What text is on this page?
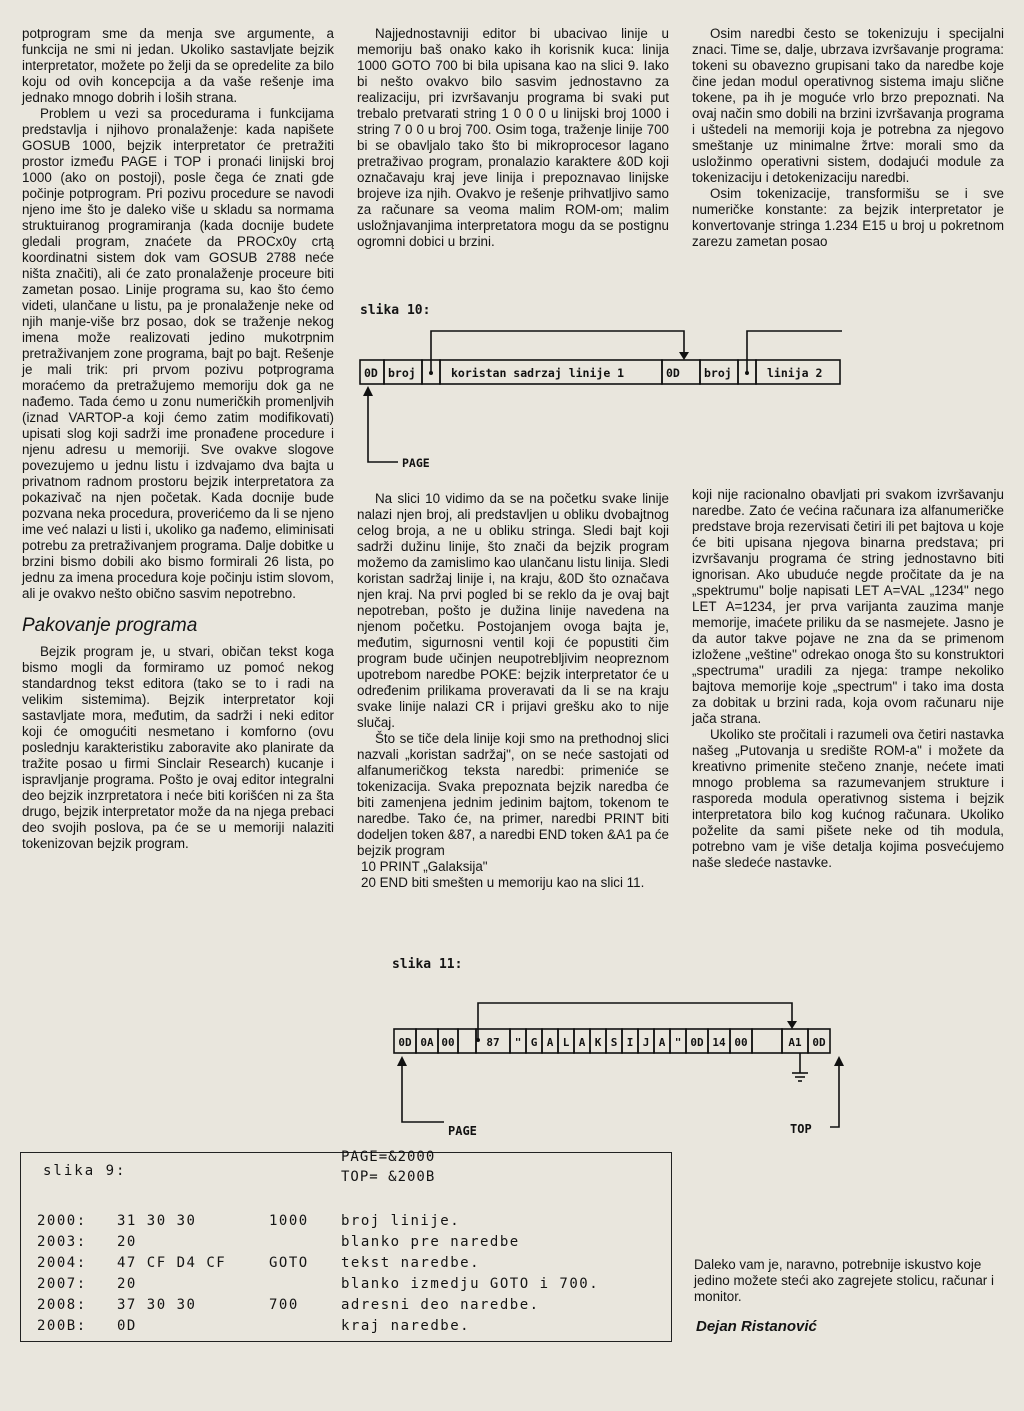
potprogram sme da menja sve argumente, a funkcija ne smi ni jedan. Ukoliko sastavljate bejzik interpretator, možete po želji da se opredelite za bilo koju od ovih koncepcija a da vaše rešenje ima jednako mnogo dobrih i loših strana.

Problem u vezi sa procedurama i funkcijama predstavlja i njihovo pronalaženje: kada napišete GOSUB 1000, bejzik interpretator će pretražiti prostor između PAGE i TOP i pronaći linijski broj 1000 (ako on postoji), posle čega će znati gde počinje potprogram. Pri pozivu procedure se navodi njeno ime što je daleko više u skladu sa normama struktuiranog programiranja (kada docnije budete gledali program, znaćete da PROCx0y crtą koordinatni sistem dok vam GOSUB 2788 neće ništa značiti), ali će zato pronalaženje proceure biti zametan posao. Linije programa su, kao što ćemo videti, ulančane u listu, pa je pronalaženje neke od njih manje-više brz posao, dok se traženje nekog imena može realizovati jedino mukotrpnim pretraživanjem zone programa, bajt po bajt. Rešenje je mali trik: pri prvom pozivu potprograma moraćemo da pretražujemo memoriju dok ga ne nađemo. Tada ćemo u zonu numeričkih promenljvih (iznad VARTOP-a koji ćemo zatim modifikovati) upisati slog koji sadrži ime pronađene procedure i njenu adresu u memoriji. Sve ovakve slogove povezujemo u jednu listu i izdvajamo dva bajta u privatnom radnom prostoru bejzik interpretatora za pokazivač na njen početak. Kada docnije bude pozvana neka procedura, proverićemo da li se njeno ime već nalazi u listi i, ukoliko ga nađemo, eliminisati potrebu za pretraživanjem programa. Dalje dobitke u brzini bismo dobili ako bismo formirali 26 lista, po jednu za imena procedura koje počinju istim slovom, ali je ovakvo nešto obično sasvim nepotrebno.

Pakovanje programa

Bejzik program je, u stvari, običan tekst koga bismo mogli da formiramo uz pomoć nekog standardnog tekst editora (tako se to i radi na velikim sistemima). Bejzik interpretator koji sastavljate mora, međutim, da sadrži i neki editor koji će omogućiti nesmetano i komforno (ovu poslednju karakteristiku zaboravite ako planirate da tražite posao u firmi Sinclair Research) kucanje i ispravljanje programa. Pošto je ovaj editor integralni deo bejzik inzrpretatora i neće biti korišćen ni za šta drugo, bejzik interpretator može da na njega prebaci deo svojih poslova, pa će se u memoriji nalaziti tokenizovan bejzik program.

Najjednostavniji editor bi ubacivao linije u memoriju baš onako kako ih korisnik kuca: linija 1000 GOTO 700 bi bila upisana kao na slici 9. Iako bi nešto ovakvo bilo sasvim jednostavno za realizaciju, pri izvršavanju programa bi svaki put trebalo pretvarati string 1 0 0 0 u linijski broj 1000 i string 7 0 0 u broj 700. Osim toga, traženje linije 700 bi se obavljalo tako što bi mikroprocesor lagano pretraživao program, pronalazio karaktere &0D koji označavaju kraj jeve linija i prepoznavao linijske brojeve iza njih. Ovakvo je rešenje prihvatljivo samo za računare sa veoma malim ROM-om; malim usložnjavanjima interpretatora mogu da se postignu ogromni dobici u brzini.

Osim naredbi često se tokenizuju i specijalni znaci. Time se, dalje, ubrzava izvršavanje programa: tokeni su obavezno grupisani tako da naredbe koje čine jedan modul operativnog sistema imaju slične tokene, pa ih je moguće vrlo brzo prepoznati. Na ovaj način smo dobili na brzini izvršavanja programa i uštedeli na memoriji koja je potrebna za njegovo smeštanje uz minimalne žrtve: morali smo da usložinmo operativni sistem, dodajući module za tokenizaciju i detokenizaciju naredbi.

Osim tokenizacije, transformišu se i sve numeričke konstante: za bejzik interpretator je konvertovanje stringa 1.234 E15 u broj u pokretnom zarezu zametan posao

slika 10:
0D broj	koristan sadrzaj linije 1	0D broj	linija 2
PAGE

Na slici 10 vidimo da se na početku svake linije nalazi njen broj, ali predstavljen u obliku dvobajtnog celog broja, a ne u obliku stringa. Sledi bajt koji sadrži dužinu linije, što znači da bejzik program možemo da zamislimo kao ulančanu listu linija. Sledi koristan sadržaj linije i, na kraju, &0D što označava njen kraj. Na prvi pogled bi se reklo da je ovaj bajt nepotreban, pošto je dužina linije navedena na njenom početku. Postojanjem ovoga bajta je, međutim, sigurnosni ventil koji će popustiti čim program bude učinjen neupotrebljivim neopreznom upotrebom naredbe POKE: bejzik interpretator će u određenim prilikama proveravati da li se na kraju svake linije nalazi CR i prijavi grešku ako to nije slučaj.

Što se tiče dela linije koji smo na prethodnoj slici nazvali „koristan sadržaj", on se neće sastojati od alfanumeričkog teksta naredbi: primeniće se tokenizacija. Svaka prepoznata bejzik naredba će biti zamenjena jednim jedinim bajtom, tokenom te naredbe. Tako će, na primer, naredbi PRINT biti dodeljen token &87, a naredbi END token &A1 pa će bejzik program

10 PRINT „Galaksija"

20 END biti smešten u memoriju kao na slici 11.

koji nije racionalno obavljati pri svakom izvršavanju naredbe. Zato će većina računara iza alfanumeričke predstave broja rezervisati četiri ili pet bajtova u koje će biti upisana njegova binarna predstava; pri izvršavanju programa će string jednostavno biti ignorisan. Ako ubuduće negde pročitate da je na „spektrumu" bolje napisati LET A=VAL „1234" nego LET A=1234, jer prva varijanta zauzima manje memorije, imaćete priliku da se nasmejete. Jasno je da autor takve pojave ne zna da se primenom izloženе „veštine" odrekao onoga što su konstruktori „spectruma" uradili za njega: trampe nekoliko bajtova memorije koje „spectrum" i tako ima dosta za dobitak u brzini rada, koja ovom računaru nije jača strana.

Ukoliko ste pročitali i razumeli ova četiri nastavka našeg „Putovanja u središte ROM-a" i možete da kreativno primenite stečeno znanje, nećete imati mnogo problema sa razumevanjem strukture i rasporeda modula operativnog sistema i bejzik interpretatora bilo kog kućnog računara. Ukoliko poželite da sami pišete neke od tih modula, potrebno vam je više detalja kojima posvećujemo naše sledeće nastavke.

slika 11:
0D 0A 00	87 " G A L A K S I J A " 0D 14 00	A1 0D
PAGE	TOP
slika 9:
PAGE=&2000
TOP= &200B
2000: 31 30 30	1000 broj linije.
2003: 20	blanko pre naredbe
2004: 47 CF D4 CF	GOTO tekst naredbe.
2007: 20	blanko izmedju GOTO i 700.
2008: 37 30 30	700	adresni deo naredbe.
200B: 0D	kraj naredbe.
Daleko vam je, naravno, potrebnije iskustvo koje jedino možete steći ako zagrejete stolicu, računar i monitor.
Dejan Ristanović
